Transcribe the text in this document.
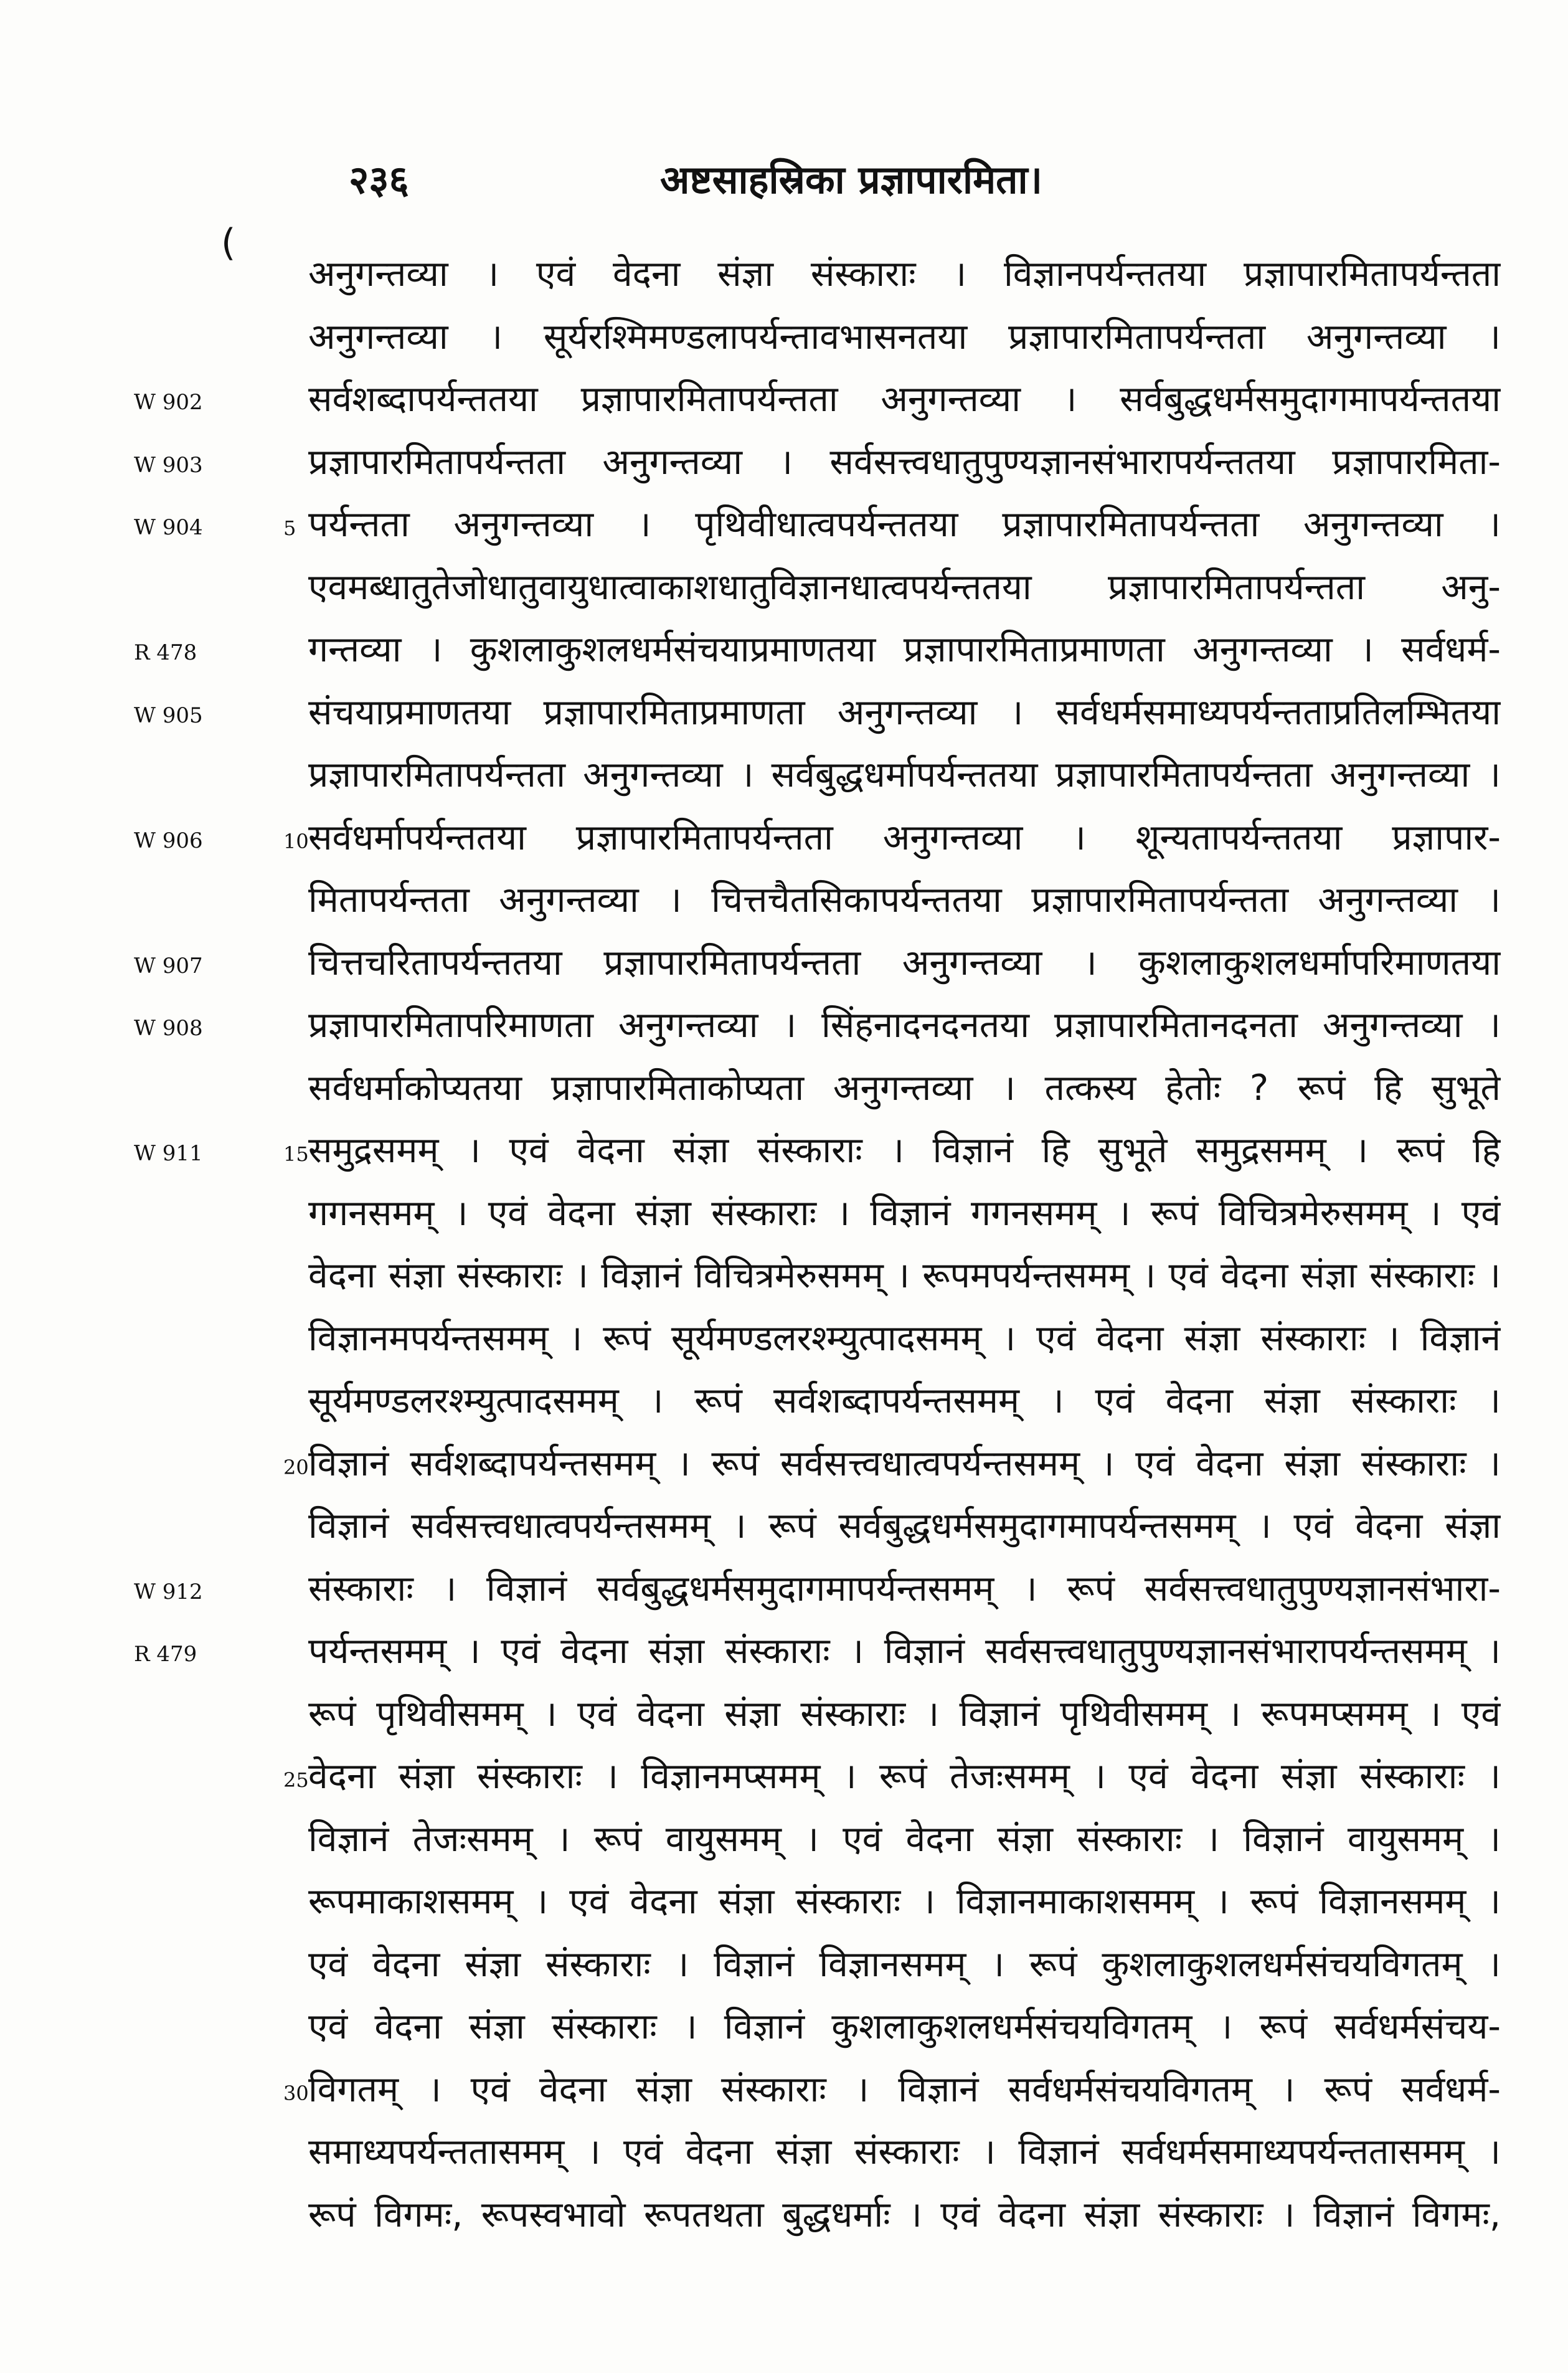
२३६	अष्टसाहस्रिका प्रज्ञापारमिता।
(
अनुगन्तव्या । एवं वेदना संज्ञा संस्काराः । विज्ञानपर्यन्ततया प्रज्ञापारमितापर्यन्तता
अनुगन्तव्या । सूर्यरश्मिमण्डलापर्यन्तावभासनतया प्रज्ञापारमितापर्यन्तता अनुगन्तव्या ।
W 902	सर्वशब्दापर्यन्ततया प्रज्ञापारमितापर्यन्तता अनुगन्तव्या । सर्वबुद्धधर्मसमुदागमापर्यन्ततया
W 903	प्रज्ञापारमितापर्यन्तता अनुगन्तव्या । सर्वसत्त्वधातुपुण्यज्ञानसंभारापर्यन्ततया प्रज्ञापारमिता-
W 904	5 पर्यन्तता अनुगन्तव्या । पृथिवीधात्वपर्यन्ततया प्रज्ञापारमितापर्यन्तता अनुगन्तव्या ।
एवमब्धातुतेजोधातुवायुधात्वाकाशधातुविज्ञानधात्वपर्यन्ततया प्रज्ञापारमितापर्यन्तता अनु-
R 478	गन्तव्या । कुशलाकुशलधर्मसंचयाप्रमाणतया प्रज्ञापारमिताप्रमाणता अनुगन्तव्या । सर्वधर्म-
W 905	संचयाप्रमाणतया प्रज्ञापारमिताप्रमाणता अनुगन्तव्या । सर्वधर्मसमाध्यपर्यन्तताप्रतिलम्भितया
प्रज्ञापारमितापर्यन्तता अनुगन्तव्या । सर्वबुद्धधर्मापर्यन्ततया प्रज्ञापारमितापर्यन्तता अनुगन्तव्या ।
W 906	10 सर्वधर्मापर्यन्ततया प्रज्ञापारमितापर्यन्तता अनुगन्तव्या । शून्यतापर्यन्ततया प्रज्ञापार-
मितापर्यन्तता अनुगन्तव्या । चित्तचैतसिकापर्यन्ततया प्रज्ञापारमितापर्यन्तता अनुगन्तव्या ।
W 907	चित्तचरितापर्यन्ततया प्रज्ञापारमितापर्यन्तता अनुगन्तव्या । कुशलाकुशलधर्मापरिमाणतया
W 908	प्रज्ञापारमितापरिमाणता अनुगन्तव्या । सिंहनादनदनतया प्रज्ञापारमितानदनता अनुगन्तव्या ।
सर्वधर्माकोप्यतया प्रज्ञापारमिताकोप्यता अनुगन्तव्या । तत्कस्य हेतोः ? रूपं हि सुभूते
W 911	15 समुद्रसमम् । एवं वेदना संज्ञा संस्काराः । विज्ञानं हि सुभूते समुद्रसमम् । रूपं हि
गगनसमम् । एवं वेदना संज्ञा संस्काराः । विज्ञानं गगनसमम् । रूपं विचित्रमेरुसमम् । एवं
वेदना संज्ञा संस्काराः । विज्ञानं विचित्रमेरुसमम् । रूपमपर्यन्तसमम् । एवं वेदना संज्ञा संस्काराः ।
विज्ञानमपर्यन्तसमम् । रूपं सूर्यमण्डलरश्म्युत्पादसमम् । एवं वेदना संज्ञा संस्काराः । विज्ञानं
सूर्यमण्डलरश्म्युत्पादसमम् । रूपं सर्वशब्दापर्यन्तसमम् । एवं वेदना संज्ञा संस्काराः ।
20 विज्ञानं सर्वशब्दापर्यन्तसमम् । रूपं सर्वसत्त्वधात्वपर्यन्तसमम् । एवं वेदना संज्ञा संस्काराः ।
विज्ञानं सर्वसत्त्वधात्वपर्यन्तसमम् । रूपं सर्वबुद्धधर्मसमुदागमापर्यन्तसमम् । एवं वेदना संज्ञा
W 912	संस्काराः । विज्ञानं सर्वबुद्धधर्मसमुदागमापर्यन्तसमम् । रूपं सर्वसत्त्वधातुपुण्यज्ञानसंभारा-
R 479	पर्यन्तसमम् । एवं वेदना संज्ञा संस्काराः । विज्ञानं सर्वसत्त्वधातुपुण्यज्ञानसंभारापर्यन्तसमम् ।
रूपं पृथिवीसमम् । एवं वेदना संज्ञा संस्काराः । विज्ञानं पृथिवीसमम् । रूपमप्समम् । एवं
25 वेदना संज्ञा संस्काराः । विज्ञानमप्समम् । रूपं तेजःसमम् । एवं वेदना संज्ञा संस्काराः ।
विज्ञानं तेजःसमम् । रूपं वायुसमम् । एवं वेदना संज्ञा संस्काराः । विज्ञानं वायुसमम् ।
रूपमाकाशसमम् । एवं वेदना संज्ञा संस्काराः । विज्ञानमाकाशसमम् । रूपं विज्ञानसमम् ।
एवं वेदना संज्ञा संस्काराः । विज्ञानं विज्ञानसमम् । रूपं कुशलाकुशलधर्मसंचयविगतम् ।
एवं वेदना संज्ञा संस्काराः । विज्ञानं कुशलाकुशलधर्मसंचयविगतम् । रूपं सर्वधर्मसंचय-
30 विगतम् । एवं वेदना संज्ञा संस्काराः । विज्ञानं सर्वधर्मसंचयविगतम् । रूपं सर्वधर्म-
समाध्यपर्यन्ततासमम् । एवं वेदना संज्ञा संस्काराः । विज्ञानं सर्वधर्मसमाध्यपर्यन्ततासमम् ।
रूपं विगमः, रूपस्वभावो रूपतथता बुद्धधर्माः । एवं वेदना संज्ञा संस्काराः । विज्ञानं विगमः,
